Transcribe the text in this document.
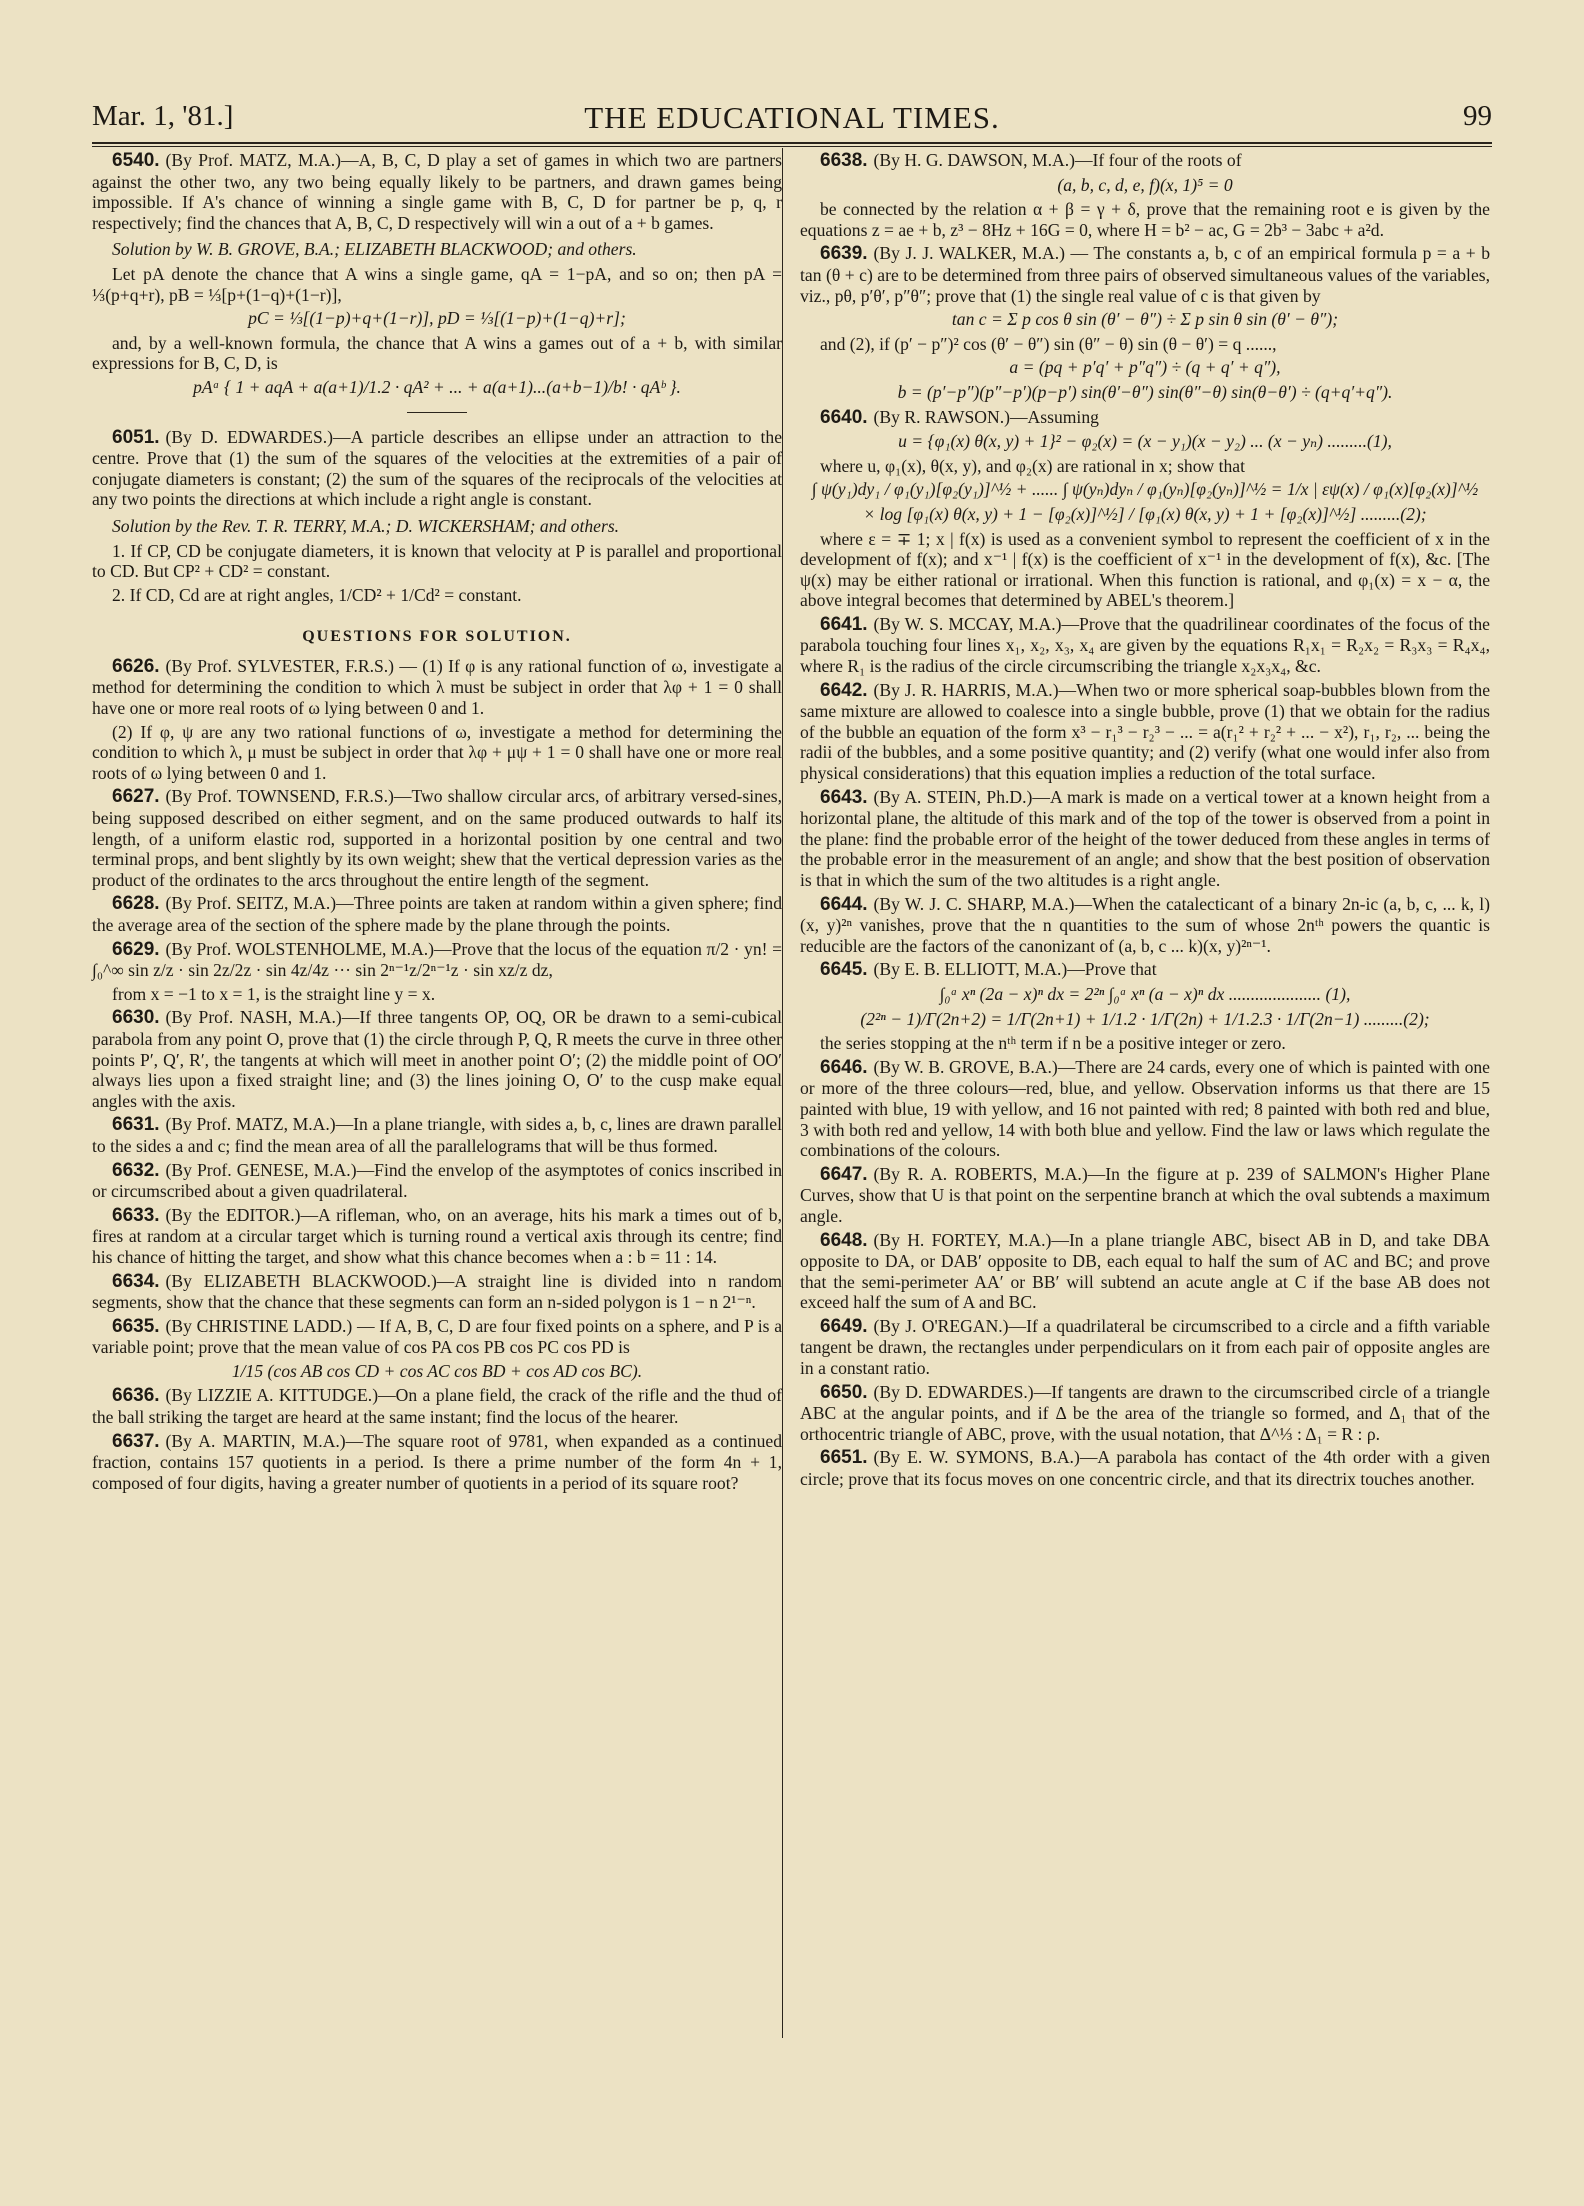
Mar. 1, '81.]	THE EDUCATIONAL TIMES.	99

6540. (By Prof. MATZ, M.A.)—A, B, C, D play a set of games in which two are partners against the other two, any two being equally likely to be partners, and drawn games being impossible. If A's chance of winning a single game with B, C, D for partner be p, q, r respectively; find the chances that A, B, C, D respectively will win a out of a + b games.

Solution by W. B. GROVE, B.A.; ELIZABETH BLACKWOOD; and others.

Let pA denote the chance that A wins a single game, qA = 1−pA, and so on; then pA = ⅓(p+q+r), pB = ⅓[p+(1−q)+(1−r)],

pC = ⅓[(1−p)+q+(1−r)], pD = ⅓[(1−p)+(1−q)+r];

and, by a well-known formula, the chance that A wins a games out of a + b, with similar expressions for B, C, D, is

pAᵃ { 1 + aqA + a(a+1)/1.2 · qA² + ... + a(a+1)...(a+b−1)/b! · qAᵇ }.

6051. (By D. EDWARDES.)—A particle describes an ellipse under an attraction to the centre. Prove that (1) the sum of the squares of the velocities at the extremities of a pair of conjugate diameters is constant; (2) the sum of the squares of the reciprocals of the velocities at any two points the directions at which include a right angle is constant.

Solution by the Rev. T. R. TERRY, M.A.; D. WICKERSHAM; and others.

1. If CP, CD be conjugate diameters, it is known that velocity at P is parallel and proportional to CD. But CP² + CD² = constant.

2. If CD, Cd are at right angles, 1/CD² + 1/Cd² = constant.

QUESTIONS FOR SOLUTION.

6626. (By Prof. SYLVESTER, F.R.S.) — (1) If φ is any rational function of ω, investigate a method for determining the condition to which λ must be subject in order that λφ + 1 = 0 shall have one or more real roots of ω lying between 0 and 1.

(2) If φ, ψ are any two rational functions of ω, investigate a method for determining the condition to which λ, μ must be subject in order that λφ + μψ + 1 = 0 shall have one or more real roots of ω lying between 0 and 1.

6627. (By Prof. TOWNSEND, F.R.S.)—Two shallow circular arcs, of arbitrary versed-sines, being supposed described on either segment, and on the same produced outwards to half its length, of a uniform elastic rod, supported in a horizontal position by one central and two terminal props, and bent slightly by its own weight; shew that the vertical depression varies as the product of the ordinates to the arcs throughout the entire length of the segment.

6628. (By Prof. SEITZ, M.A.)—Three points are taken at random within a given sphere; find the average area of the section of the sphere made by the plane through the points.

6629. (By Prof. WOLSTENHOLME, M.A.)—Prove that the locus of the equation π/2 · yn! = ∫₀^∞ sin z/z · sin 2z/2z · sin 4z/4z ··· sin 2ⁿ⁻¹z/2ⁿ⁻¹z · sin xz/z dz,

from x = −1 to x = 1, is the straight line y = x.

6630. (By Prof. NASH, M.A.)—If three tangents OP, OQ, OR be drawn to a semi-cubical parabola from any point O, prove that (1) the circle through P, Q, R meets the curve in three other points P′, Q′, R′, the tangents at which will meet in another point O′; (2) the middle point of OO′ always lies upon a fixed straight line; and (3) the lines joining O, O′ to the cusp make equal angles with the axis.

6631. (By Prof. MATZ, M.A.)—In a plane triangle, with sides a, b, c, lines are drawn parallel to the sides a and c; find the mean area of all the parallelograms that will be thus formed.

6632. (By Prof. GENESE, M.A.)—Find the envelop of the asymptotes of conics inscribed in or circumscribed about a given quadrilateral.

6633. (By the EDITOR.)—A rifleman, who, on an average, hits his mark a times out of b, fires at random at a circular target which is turning round a vertical axis through its centre; find his chance of hitting the target, and show what this chance becomes when a : b = 11 : 14.

6634. (By ELIZABETH BLACKWOOD.)—A straight line is divided into n random segments, show that the chance that these segments can form an n-sided polygon is 1 − n 2¹⁻ⁿ.

6635. (By CHRISTINE LADD.) — If A, B, C, D are four fixed points on a sphere, and P is a variable point; prove that the mean value of cos PA cos PB cos PC cos PD is

1/15 (cos AB cos CD + cos AC cos BD + cos AD cos BC).

6636. (By LIZZIE A. KITTUDGE.)—On a plane field, the crack of the rifle and the thud of the ball striking the target are heard at the same instant; find the locus of the hearer.

6637. (By A. MARTIN, M.A.)—The square root of 9781, when expanded as a continued fraction, contains 157 quotients in a period. Is there a prime number of the form 4n + 1, composed of four digits, having a greater number of quotients in a period of its square root?

6638. (By H. G. DAWSON, M.A.)—If four of the roots of

(a, b, c, d, e, f)(x, 1)⁵ = 0

be connected by the relation α + β = γ + δ, prove that the remaining root e is given by the equations z = ae + b, z³ − 8Hz + 16G = 0, where H = b² − ac, G = 2b³ − 3abc + a²d.

6639. (By J. J. WALKER, M.A.) — The constants a, b, c of an empirical formula p = a + b tan (θ + c) are to be determined from three pairs of observed simultaneous values of the variables, viz., pθ, p′θ′, p″θ″; prove that (1) the single real value of c is that given by

tan c = Σ p cos θ sin (θ′ − θ″) ÷ Σ p sin θ sin (θ′ − θ″);

and (2), if (p′ − p″)² cos (θ′ − θ″) sin (θ″ − θ) sin (θ − θ′) = q ......,

a = (pq + p′q′ + p″q″) ÷ (q + q′ + q″),
b = (p′−p″)(p″−p′)(p−p′) sin(θ′−θ″) sin(θ″−θ) sin(θ−θ′) ÷ (q+q′+q″).

6640. (By R. RAWSON.)—Assuming

u = {φ₁(x) θ(x, y) + 1}² − φ₂(x) = (x − y₁)(x − y₂) ... (x − yₙ) .........(1),

where u, φ₁(x), θ(x, y), and φ₂(x) are rational in x; show that

∫ ψ(y₁)dy₁ / φ₁(y₁)[φ₂(y₁)]^½ + ...... ∫ ψ(yₙ)dyₙ / φ₁(yₙ)[φ₂(yₙ)]^½ = 1/x | εψ(x) / φ₁(x)[φ₂(x)]^½
× log [φ₁(x) θ(x, y) + 1 − [φ₂(x)]^½] / [φ₁(x) θ(x, y) + 1 + [φ₂(x)]^½] .........(2);

where ε = ∓ 1; x | f(x) is used as a convenient symbol to represent the coefficient of x in the development of f(x); and x⁻¹ | f(x) is the coefficient of x⁻¹ in the development of f(x), &c. [The ψ(x) may be either rational or irrational. When this function is rational, and φ₁(x) = x − α, the above integral becomes that determined by ABEL's theorem.]

6641. (By W. S. MCCAY, M.A.)—Prove that the quadrilinear coordinates of the focus of the parabola touching four lines x₁, x₂, x₃, x₄ are given by the equations R₁x₁ = R₂x₂ = R₃x₃ = R₄x₄, where R₁ is the radius of the circle circumscribing the triangle x₂x₃x₄, &c.

6642. (By J. R. HARRIS, M.A.)—When two or more spherical soap-bubbles blown from the same mixture are allowed to coalesce into a single bubble, prove (1) that we obtain for the radius of the bubble an equation of the form x³ − r₁³ − r₂³ − ... = a(r₁² + r₂² + ... − x²), r₁, r₂, ... being the radii of the bubbles, and a some positive quantity; and (2) verify (what one would infer also from physical considerations) that this equation implies a reduction of the total surface.

6643. (By A. STEIN, Ph.D.)—A mark is made on a vertical tower at a known height from a horizontal plane, the altitude of this mark and of the top of the tower is observed from a point in the plane: find the probable error of the height of the tower deduced from these angles in terms of the probable error in the measurement of an angle; and show that the best position of observation is that in which the sum of the two altitudes is a right angle.

6644. (By W. J. C. SHARP, M.A.)—When the catalecticant of a binary 2n-ic (a, b, c, ... k, l)(x, y)²ⁿ vanishes, prove that the n quantities to the sum of whose 2nᵗʰ powers the quantic is reducible are the factors of the canonizant of (a, b, c ... k)(x, y)²ⁿ⁻¹.

6645. (By E. B. ELLIOTT, M.A.)—Prove that

∫₀ᵃ xⁿ (2a − x)ⁿ dx = 2²ⁿ ∫₀ᵃ xⁿ (a − x)ⁿ dx ..................... (1),
(2²ⁿ − 1)/Γ(2n+2) = 1/Γ(2n+1) + 1/1.2 · 1/Γ(2n) + 1/1.2.3 · 1/Γ(2n−1) .........(2);

the series stopping at the nᵗʰ term if n be a positive integer or zero.

6646. (By W. B. GROVE, B.A.)—There are 24 cards, every one of which is painted with one or more of the three colours—red, blue, and yellow. Observation informs us that there are 15 painted with blue, 19 with yellow, and 16 not painted with red; 8 painted with both red and blue, 3 with both red and yellow, 14 with both blue and yellow. Find the law or laws which regulate the combinations of the colours.

6647. (By R. A. ROBERTS, M.A.)—In the figure at p. 239 of SALMON's Higher Plane Curves, show that U is that point on the serpentine branch at which the oval subtends a maximum angle.

6648. (By H. FORTEY, M.A.)—In a plane triangle ABC, bisect AB in D, and take DBA opposite to DA, or DAB′ opposite to DB, each equal to half the sum of AC and BC; and prove that the semi-perimeter AA′ or BB′ will subtend an acute angle at C if the base AB does not exceed half the sum of A and BC.

6649. (By J. O'REGAN.)—If a quadrilateral be circumscribed to a circle and a fifth variable tangent be drawn, the rectangles under perpendiculars on it from each pair of opposite angles are in a constant ratio.

6650. (By D. EDWARDES.)—If tangents are drawn to the circumscribed circle of a triangle ABC at the angular points, and if Δ be the area of the triangle so formed, and Δ₁ that of the orthocentric triangle of ABC, prove, with the usual notation, that Δ^⅓ : Δ₁ = R : ρ.

6651. (By E. W. SYMONS, B.A.)—A parabola has contact of the 4th order with a given circle; prove that its focus moves on one concentric circle, and that its directrix touches another.
